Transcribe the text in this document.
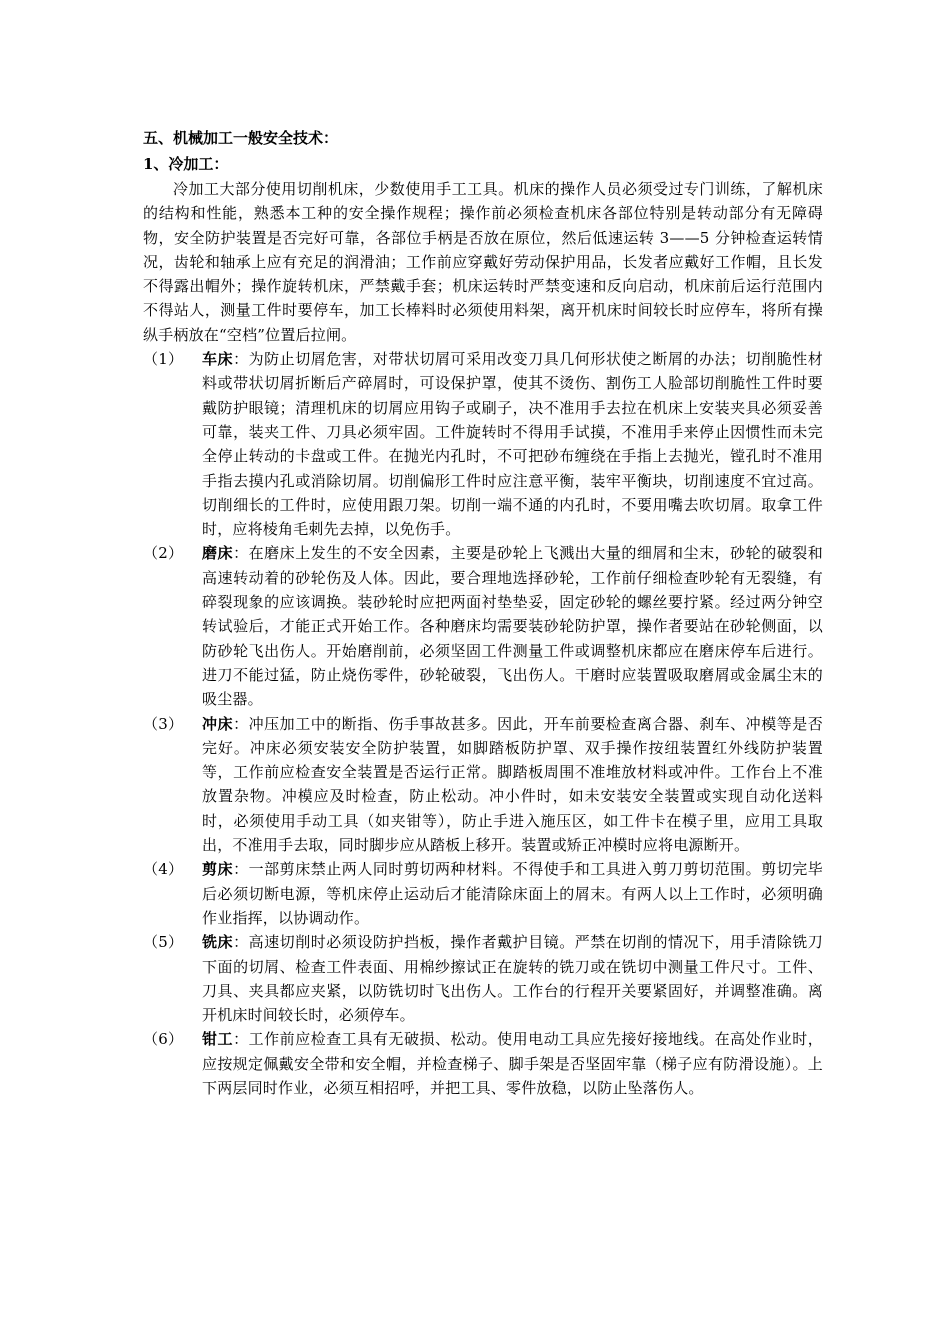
五、机械加工一般安全技术：
1、冷加工：

冷加工大部分使用切削机床，少数使用手工工具。机床的操作人员必须受过专门训练，了解机床的结构和性能，熟悉本工种的安全操作规程；操作前必须检查机床各部位特别是转动部分有无障碍物，安全防护装置是否完好可靠，各部位手柄是否放在原位，然后低速运转 3——5 分钟检查运转情况，齿轮和轴承上应有充足的润滑油；工作前应穿戴好劳动保护用品，长发者应戴好工作帽，且长发不得露出帽外；操作旋转机床，严禁戴手套；机床运转时严禁变速和反向启动，机床前后运行范围内不得站人，测量工件时要停车，加工长棒料时必须使用料架，离开机床时间较长时应停车，将所有操纵手柄放在“空档”位置后拉闸。

（1） 车床：为防止切屑危害，对带状切屑可采用改变刀具几何形状使之断屑的办法；切削脆性材料或带状切屑折断后产碎屑时，可设保护罩，使其不烫伤、割伤工人脸部切削脆性工件时要戴防护眼镜；清理机床的切屑应用钩子或刷子，决不准用手去拉在机床上安装夹具必须妥善可靠，装夹工件、刀具必须牢固。工件旋转时不得用手试摸，不准用手来停止因惯性而未完全停止转动的卡盘或工件。在抛光内孔时，不可把砂布缠绕在手指上去抛光，镗孔时不准用手指去摸内孔或消除切屑。切削偏形工件时应注意平衡，装牢平衡块，切削速度不宜过高。切削细长的工件时，应使用跟刀架。切削一端不通的内孔时，不要用嘴去吹切屑。取拿工件时，应将棱角毛刺先去掉，以免伤手。
（2） 磨床：在磨床上发生的不安全因素，主要是砂轮上飞溅出大量的细屑和尘末，砂轮的破裂和高速转动着的砂轮伤及人体。因此，要合理地选择砂轮，工作前仔细检查吵轮有无裂缝，有碎裂现象的应该调换。装砂轮时应把两面衬垫垫妥，固定砂轮的螺丝要拧紧。经过两分钟空转试验后，才能正式开始工作。各种磨床均需要装砂轮防护罩，操作者要站在砂轮侧面，以防砂轮飞出伤人。开始磨削前，必须坚固工件测量工件或调整机床都应在磨床停车后进行。进刀不能过猛，防止烧伤零件，砂轮破裂，飞出伤人。干磨时应装置吸取磨屑或金属尘末的吸尘器。
（3） 冲床：冲压加工中的断指、伤手事故甚多。因此，开车前要检查离合器、刹车、冲模等是否完好。冲床必须安装安全防护装置，如脚踏板防护罩、双手操作按纽装置红外线防护装置等，工作前应检查安全装置是否运行正常。脚踏板周围不准堆放材料或冲件。工作台上不准放置杂物。冲模应及时检查，防止松动。冲小件时，如未安装安全装置或实现自动化送料时，必须使用手动工具（如夹钳等），防止手进入施压区，如工件卡在模子里，应用工具取出，不准用手去取，同时脚步应从踏板上移开。装置或矫正冲模时应将电源断开。
（4） 剪床：一部剪床禁止两人同时剪切两种材料。不得使手和工具进入剪刀剪切范围。剪切完毕后必须切断电源，等机床停止运动后才能清除床面上的屑末。有两人以上工作时，必须明确作业指挥，以协调动作。
（5） 铣床：高速切削时必须设防护挡板，操作者戴护目镜。严禁在切削的情况下，用手清除铣刀下面的切屑、检查工件表面、用棉纱擦试正在旋转的铣刀或在铣切中测量工件尺寸。工件、刀具、夹具都应夹紧，以防铣切时飞出伤人。工作台的行程开关要紧固好，并调整准确。离开机床时间较长时，必须停车。
（6） 钳工：工作前应检查工具有无破损、松动。使用电动工具应先接好接地线。在高处作业时，应按规定佩戴安全带和安全帽，并检查梯子、脚手架是否坚固牢靠（梯子应有防滑设施）。上下两层同时作业，必须互相招呼，并把工具、零件放稳，以防止坠落伤人。
